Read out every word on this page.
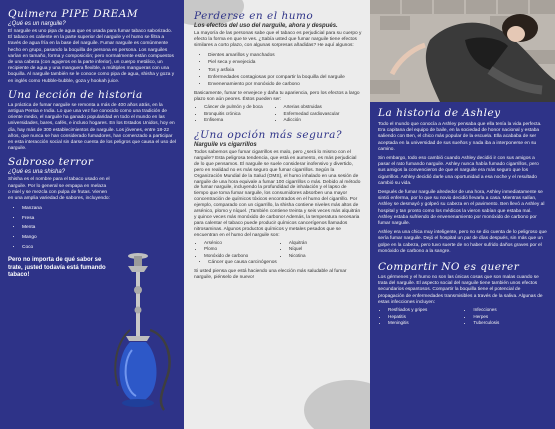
Quimera PIPE DREAM
¿Qué es un narguile?

El narguile es uno pipa de agua que es usada para fumar tabaco saborizado. El tabaco es caliente en la parte superior del narguile y el humo se filtra a través de agua fría en la base del narguile. Fumar narguile es comúnmente hecho en grupo, pasando la boquilla de persona en persona. Los narguiles varían en tamaño, forma y composición; pero normalmente están compuestos de una cabeza (con agujeros en la parte inferior), un cuerpo metálico, un recipiente de agua y una manguera flexible, a múltiples mangueras con una boquilla. Al narguile también se le conoce como pipa de agua, shisha y goza y en inglés como Hubble-bubble, goza y hookah juice.

Una lección de historia

La práctica de fumar narguile se remonta a más de 400 años atrás, en la antigua Persia e India. Lo que una vez fue conocido como una tradición de oriente medio, el narguile ha ganado popularidad en todo el mundo en las universidades, bares, cafés, e incluso hogares. En los Estados Unidos, hoy en día, hay más de 300 establecimientos de narguile. Los jóvenes, entre 18-22 años, que nunca se han considerado fumadores, han comenzado a participar en esta interacción social sin darse cuenta de los peligros que causa el uso del narguile.

Sabroso terror
¿Qué es una shisha?

Shisha es el nombre para el tabaco usado en el narguile. Por lo general se empapa en melaza o miel y se mezcla con pulpa de frutas. Vienen en una amplia variedad de sabores, incluyendo:

• Manzana
• Fresa
• Menta
• Mango
• Coco
Pero no importa de qué sabor se trate, ¡usted todavía está fumando tabaco!
Perderse en el humo
Los efectos del uso del narguile, ahora y después.

La mayoría de las personas sabe que el tabaco es perjudicial para su cuerpo y efecto la forma en que te ves. ¿Sabía usted que fumar narguile tiene efectos similares a corto plazo, con algunas sorpresas añadidas? He aquí algunos:

• Dientes amarillos y manchados
• Piel seca y envejecida
• Tos y asfixia
• Enfermedades contagiosas por compartir la boquilla del narguile
• Envenenamiento por monóxido de carbono

Basicamente, fumar te envejece y daña tu apariencia, pero los efectos a largo plazo son aún peores. Éstos pueden ser:

• Cáncer de pulmón y de boca
• Bronquitis crónica
• Enfisema
• Arterias obstruidas
• Enfermedad cardiovascular
• Adicción
¿Una opción más segura?
Narguile vs cigarrillos

Todos sabemos que fumar cigarrillos es malo, pero ¿será lo mismo con el narguile? Esta peligrosa tendencia, que está en aumento, es más perjudicial de lo que pensamos. El narguile se suele considerar inofensivo y divertido, pero en realidad no es más seguro que fumar cigarrillos. Según la Organización Mundial de la Salud (OMS), el humo inhalado en una sesión de narguile de una hora equivale a fumar 100 cigarrillos o más. Debido al método de fumar narguile, incluyendo la profundidad de inhalación y el lapso de tiempo que toma fumar narguile, los consumidores absorben una mayor concentración de químicos tóxicos encontrados en el humo del cigarrillo. Por ejemplo, comparado con un cigarrillo, la shisha contiene niveles más altos de arsénico, plomo y níquel. ¡También contiene treinta y seis veces más alquitrán y quince veces más monóxido de carbono! Además, la temperatura necesaria para calentar el tabaco puede producir químicos cancerígenos llamados nitrosaminas. Algunos productos químicos y metales pesados que se encuentran en el humo del narguile son:

• Arsénico
• Plomo
• Monóxido de carbono
• Alquitrán
• Níquel
• Nicotina
• Cáncer que causa carcinógenos

Si usted piensa que está haciendo una elección más saludable al fumar narguile, piénselo de nuevo!

La historia de Ashley

Todo el mundo que conocía a Ashley pensaba que ella tenía la vida perfecta. Era capitana del equipo de baile, en la sociedad de honor nacional y estaba saliendo con Ben, el chico más popular de la escuela. Ella acababa de ser aceptada en la universidad de sus sueños y nada iba a interponerse en su camino.

Sin embargo, todo eso cambió cuando Ashley decidió ir con sus amigos a pasar el rato fumando narguile. Ashley nunca había fumado cigarrillos, pero sus amigos la convencieron de que el narguile era más seguro que los cigarrillos. Ashley decidió darle una oportunidad a esa noche y el resultado cambió su vida.

Después de fumar narguile alrededor de una hora, Ashley inmediatamente se sintió enferma, por lo que su novio decidió llevarla a casa. Mientras salían, Ashley se desmayó y golpeó su cabeza en el pavimento. Ben llevó a Ashley al hospital y tan pronto como los médicos la vieron sabían que estaba mal. Ashley estaba sufriendo de envenenamiento por monóxido de carbono por fumar narguile.

Ashley era una chica muy inteligente, pero no se dio cuenta de lo peligroso que sería fumar narguile. Dejó el hospital un par de días después, sin más que un golpe en la cabeza, pero tuvo suerte de no haber sufrido daños graves por el monóxido de carbono a la sangre.

Compartir NO es querer

Los gérmenes y el humo no son las únicas cosas que son malas cuando se trata del narguile. El aspecto social del narguile tiene también unos efectos secundarios espantosos. Compartir la boquilla tiene el potencial de propagación de enfermedades transmisibles a través de la saliva. Algunas de estas infecciones incluyen:

• Resfriados y gripes
• Hepatitis
• Meningitis
• Infecciones
• Herpes
• Tuberculosis
